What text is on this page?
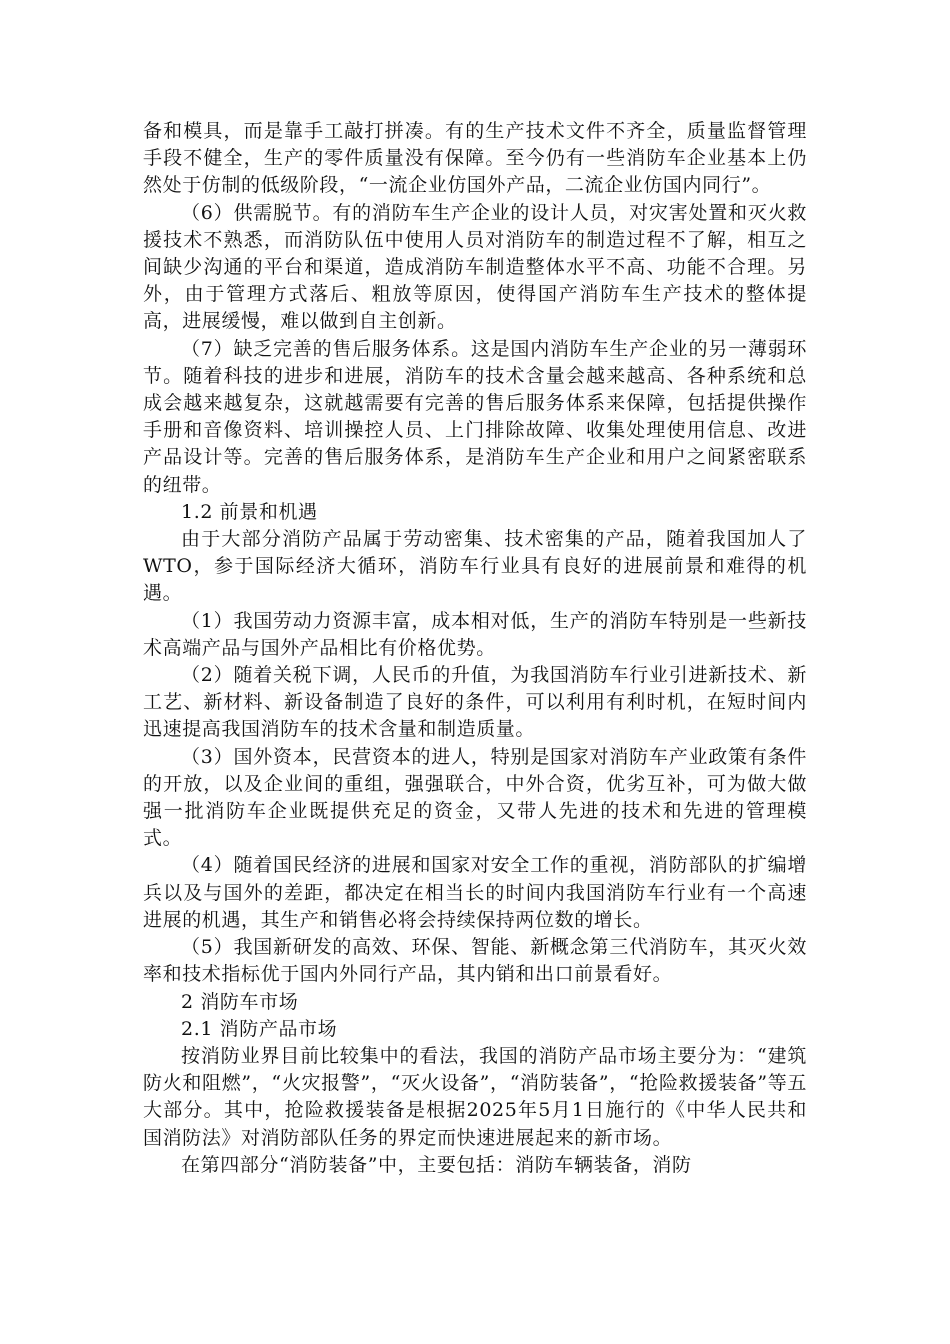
备和模具，而是靠手工敲打拼凑。有的生产技术文件不齐全，质量监督管理手段不健全，生产的零件质量没有保障。至今仍有一些消防车企业基本上仍然处于仿制的低级阶段，“一流企业仿国外产品，二流企业仿国内同行”。

（6）供需脱节。有的消防车生产企业的设计人员，对灾害处置和灭火救援技术不熟悉，而消防队伍中使用人员对消防车的制造过程不了解，相互之间缺少沟通的平台和渠道，造成消防车制造整体水平不高、功能不合理。另外，由于管理方式落后、粗放等原因，使得国产消防车生产技术的整体提高，进展缓慢，难以做到自主创新。

（7）缺乏完善的售后服务体系。这是国内消防车生产企业的另一薄弱环节。随着科技的进步和进展，消防车的技术含量会越来越高、各种系统和总成会越来越复杂，这就越需要有完善的售后服务体系来保障，包括提供操作手册和音像资料、培训操控人员、上门排除故障、收集处理使用信息、改进产品设计等。完善的售后服务体系，是消防车生产企业和用户之间紧密联系的纽带。

1.2 前景和机遇

由于大部分消防产品属于劳动密集、技术密集的产品，随着我国加人了WTO，参于国际经济大循环，消防车行业具有良好的进展前景和难得的机遇。

（1）我国劳动力资源丰富，成本相对低，生产的消防车特别是一些新技术高端产品与国外产品相比有价格优势。

（2）随着关税下调，人民币的升值，为我国消防车行业引进新技术、新工艺、新材料、新设备制造了良好的条件，可以利用有利时机，在短时间内迅速提高我国消防车的技术含量和制造质量。

（3）国外资本，民营资本的进人，特别是国家对消防车产业政策有条件的开放，以及企业间的重组，强强联合，中外合资，优劣互补，可为做大做强一批消防车企业既提供充足的资金，又带人先进的技术和先进的管理模式。

（4）随着国民经济的进展和国家对安全工作的重视，消防部队的扩编增兵以及与国外的差距，都决定在相当长的时间内我国消防车行业有一个高速进展的机遇，其生产和销售必将会持续保持两位数的增长。

（5）我国新研发的高效、环保、智能、新概念第三代消防车，其灭火效率和技术指标优于国内外同行产品，其内销和出口前景看好。

2 消防车市场

2.1 消防产品市场

按消防业界目前比较集中的看法，我国的消防产品市场主要分为：“建筑防火和阻燃”，“火灾报警”，“灭火设备”，“消防装备”，“抢险救援装备”等五大部分。其中，抢险救援装备是根据2025年5月1日施行的《中华人民共和国消防法》对消防部队任务的界定而快速进展起来的新市场。

在第四部分“消防装备”中，主要包括：消防车辆装备，消防
